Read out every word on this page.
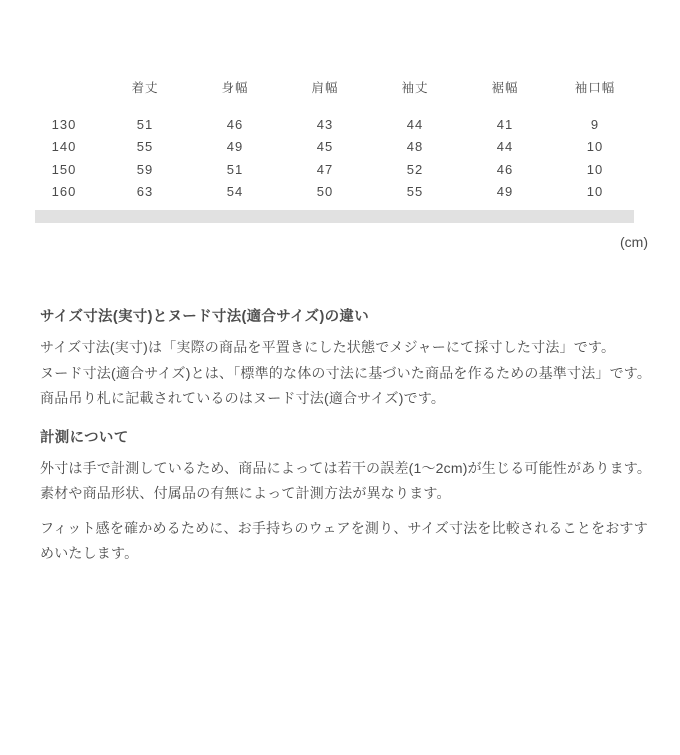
	着丈	身幅	肩幅	袖丈	裾幅	袖口幅
130	51	46	43	44	41	9
140	55	49	45	48	44	10
150	59	51	47	52	46	10
160	63	54	50	55	49	10
(cm)
サイズ寸法(実寸)とヌード寸法(適合サイズ)の違い

サイズ寸法(実寸)は「実際の商品を平置きにした状態でメジャーにて採寸した寸法」です。

ヌード寸法(適合サイズ)とは、「標準的な体の寸法に基づいた商品を作るための基準寸法」です。

商品吊り札に記載されているのはヌード寸法(適合サイズ)です。

計測について

外寸は手で計測しているため、商品によっては若干の誤差(1〜2cm)が生じる可能性があります。

素材や商品形状、付属品の有無によって計測方法が異なります。

フィット感を確かめるために、お手持ちのウェアを測り、サイズ寸法を比較されることをおすすめいたします。
